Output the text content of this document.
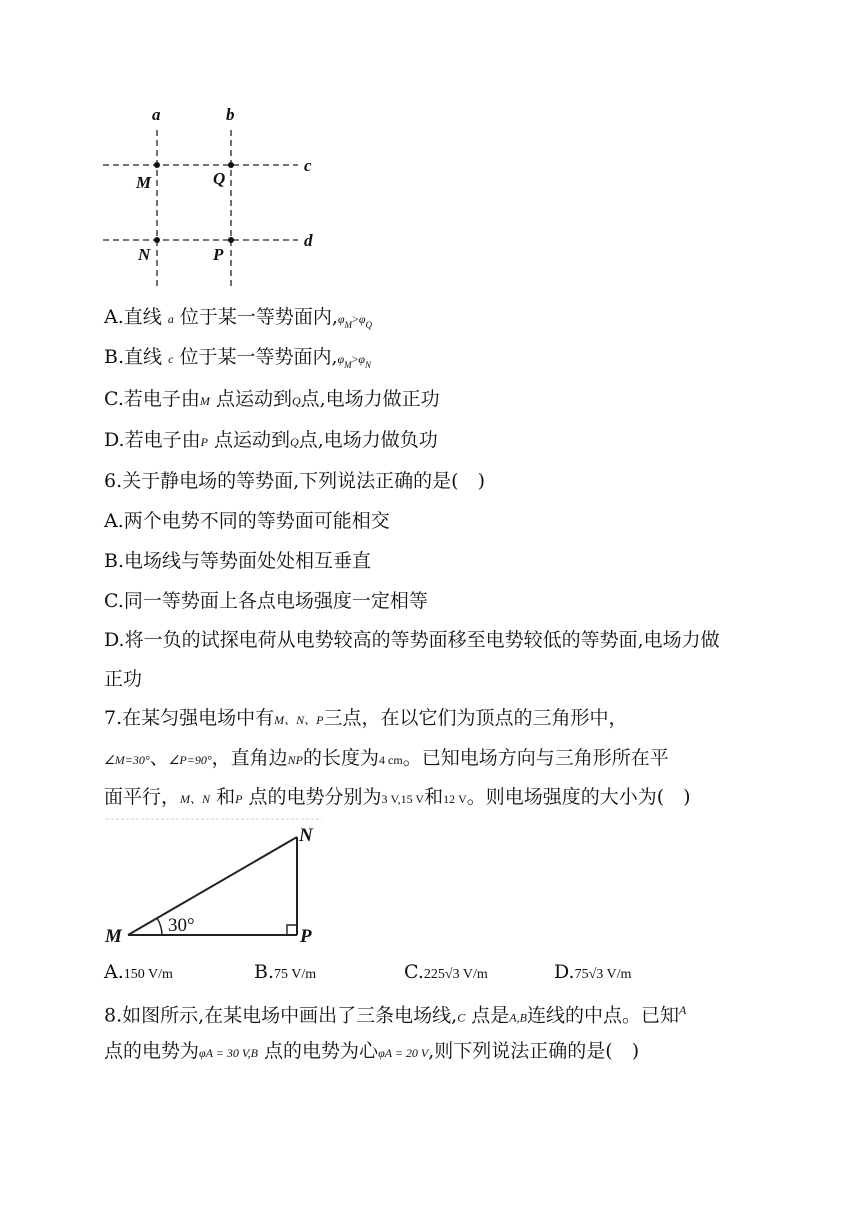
a	b
c
d
M	Q
N	P
A.直线 a 位于某一等势面内$,\varphi_M>\varphi_Q$
B.直线 c 位于某一等势面内$,\varphi_M>\varphi_N$
C.若电子由M 点运动到Q点,电场力做正功
D.若电子由P 点运动到Q点,电场力做负功
6.关于静电场的等势面,下列说法正确的是(　)
A.两个电势不同的等势面可能相交
B.电场线与等势面处处相互垂直
C.同一等势面上各点电场强度一定相等
D.将一负的试探电荷从电势较高的等势面移至电势较低的等势面,电场力做
正功
7.在某匀强电场中有M、N、P三点，在以它们为顶点的三角形中，
∠M=30°、∠P=90°，直角边NP的长度为4 cm。已知电场方向与三角形所在平
面平行，M、N 和P 点的电势分别为3 V,15 V和12 V。则电场强度的大小为(　)
N
M	P
30°
A.150 V/m	B.75 V/m	C.225√3 V/m	D.75√3 V/m
8.如图所示,在某电场中画出了三条电场线,C 点是A,B连线的中点。已知$^A$
点的电势为φA = 30 V,B 点的电势为心φA = 20 V,则下列说法正确的是(　)
